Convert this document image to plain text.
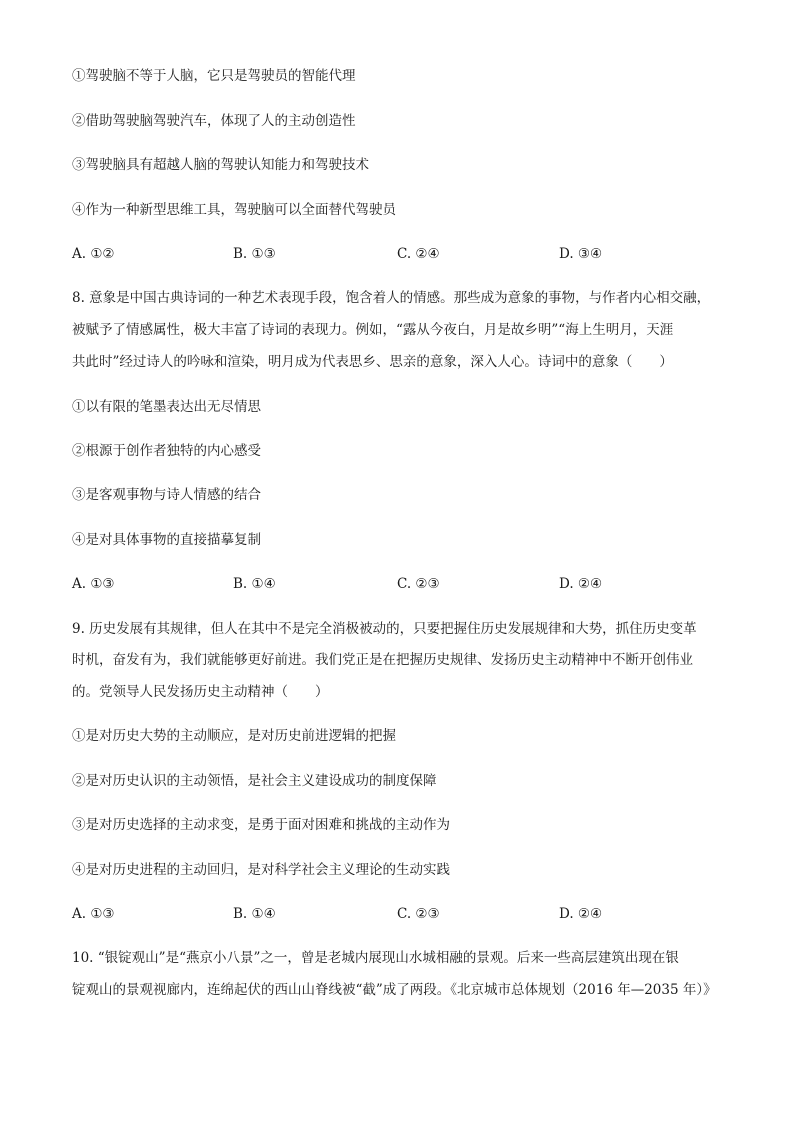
①驾驶脑不等于人脑，它只是驾驶员的智能代理
②借助驾驶脑驾驶汽车，体现了人的主动创造性
③驾驶脑具有超越人脑的驾驶认知能力和驾驶技术
④作为一种新型思维工具，驾驶脑可以全面替代驾驶员
A. ①②	B. ①③	C. ②④	D. ③④
8. 意象是中国古典诗词的一种艺术表现手段，饱含着人的情感。那些成为意象的事物，与作者内心相交融，
被赋予了情感属性，极大丰富了诗词的表现力。例如，“露从今夜白，月是故乡明”“海上生明月，天涯
共此时”经过诗人的吟咏和渲染，明月成为代表思乡、思亲的意象，深入人心。诗词中的意象（　　）
①以有限的笔墨表达出无尽情思
②根源于创作者独特的内心感受
③是客观事物与诗人情感的结合
④是对具体事物的直接描摹复制
A. ①③	B. ①④	C. ②③	D. ②④
9. 历史发展有其规律，但人在其中不是完全消极被动的，只要把握住历史发展规律和大势，抓住历史变革
时机，奋发有为，我们就能够更好前进。我们党正是在把握历史规律、发扬历史主动精神中不断开创伟业
的。党领导人民发扬历史主动精神（　　）
①是对历史大势的主动顺应，是对历史前进逻辑的把握
②是对历史认识的主动领悟，是社会主义建设成功的制度保障
③是对历史选择的主动求变，是勇于面对困难和挑战的主动作为
④是对历史进程的主动回归，是对科学社会主义理论的生动实践
A. ①③	B. ①④	C. ②③	D. ②④
10. “银锭观山”是“燕京小八景”之一，曾是老城内展现山水城相融的景观。后来一些高层建筑出现在银
锭观山的景观视廊内，连绵起伏的西山山脊线被“截”成了两段。《北京城市总体规划（2016 年—2035 年）》
